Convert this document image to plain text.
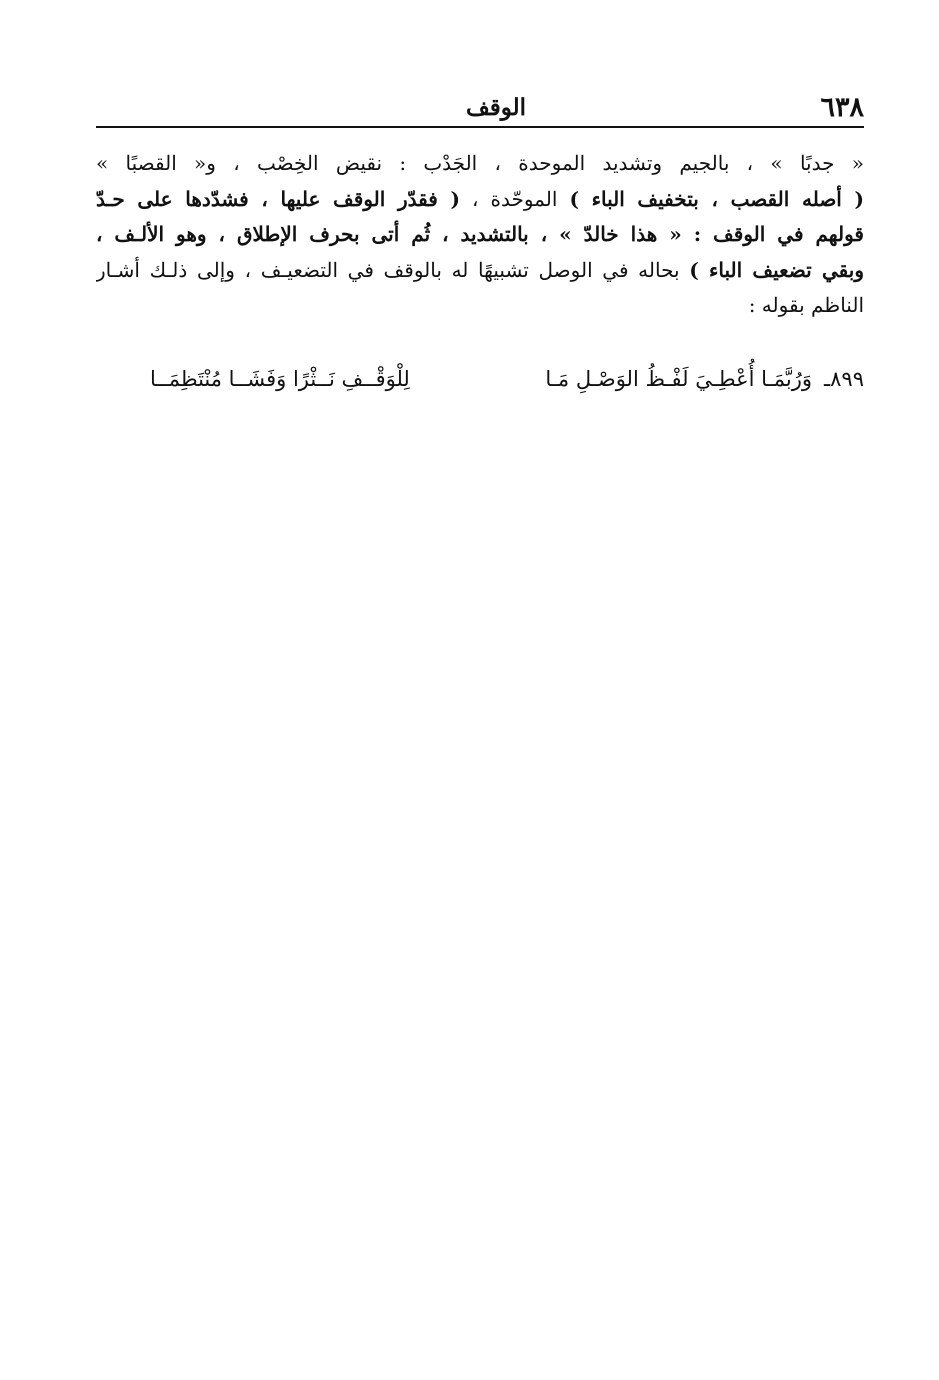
٦٣٨
الوقف
« جدبًا » ، بالجيم وتشديد الموحدة ، الجَدْب : نقيض الخِصْب ، و« القصبًا »
( أصله القصب ، بتخفيف الباء ) الموحّدة ، ( فقدّر الوقف عليها ، فشدّدها على حـدّ
قولهم في الوقف : « هذا خالدّ » ، بالتشديد ، ثُم أتى بحرف الإطلاق ، وهو الألـف ،
وبقي تضعيف الباء ) بحاله في الوصل تشبيهًا له بالوقف في التضعيـف ، وإلى ذلـك أشـار
الناظم بقوله :
٨٩٩ـ
وَرُبَّمَـا أُعْطِـيَ لَفْـظُ الوَصْـلِ مَـا
لِلْوَقْــفِ نَــثْرًا وَفَشَــا مُنْتَظِمَــا
